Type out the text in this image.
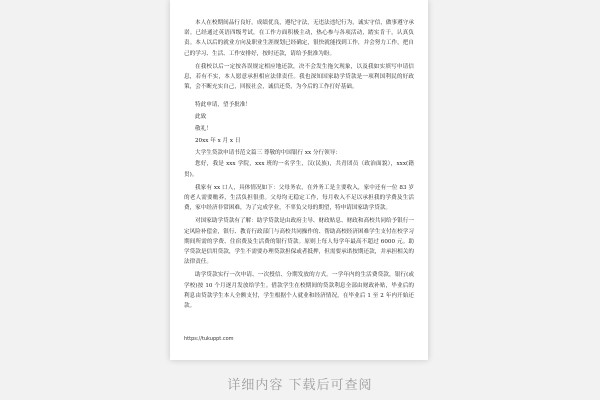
本人在校期间品行良好，成绩优良，遵纪守法，无违法违纪行为，诚实守信，做事遵守承诺。已经通过英语四级考试，在工作方面积极主动，热心参与各项活动，踏实肯干，认真负责。本人以后的就业方向及职业生涯规划已经确定，很快就能找到工作，并会努力工作，把自己的学习、生活、工作安排好，按时还款，请给予批准为盼。

在我校以后一定按各误规定相应地还款，决不会发生拖欠现象，以及我如实填写申请信息，若有不实，本人愿意承担相应法律责任。我也深知国家助学贷款是一项利国利民的好政策，会不断充实自己，回报社会，诚信还贷，为今后的工作打好基础。

特此申请，望予批准！

此致

敬礼！

20xx 年 x 月 x 日

大学生贷款申请书范文篇三 尊敬的中国银行 xx 分行领导：

您好，我是 xxx 学院，xxx 班的一名学生，汉(民族)，共青团员（政治面貌），xxx(籍贯)。

我家有 xx 口人，具体情况如下：父母务农，在外务工是主要收入，家中还有一位 83 岁的老人需要赡养，生活负担很重。父母均无稳定工作，每月收入不足以承担我的学费及生活费，家中经济非常困难，为了完成学业，不辜负父母的期望，特申请国家助学贷款。

对国家助学贷款有了解：助学贷款是由政府主导、财政贴息、财政和高校共同给予银行一定风险补偿金，银行、教育行政部门与高校共同操作的、帮助高校经济困难学生支付在校学习期间所需的学费、住宿费及生活费的银行贷款。原则上每人每学年最高不超过 6000 元。助学贷款是信用贷款，学生不需要办理贷款担保或者抵押，但需要承诺按期还款，并承担相关的法律责任。

助学贷款实行一次申请、一次授信、分期发放的方式。一学年内的生活费贷款，银行(或学校)按 10 个月逐月发放给学生。借款学生在校期间的贷款利息全部由财政补贴，毕业后的利息由贷款学生本人全额支付，学生根据个人就业和经济情况，在毕业后 1 至 2 年内开始还款。

https://tukuppt.com
详细内容 下载后可查阅
